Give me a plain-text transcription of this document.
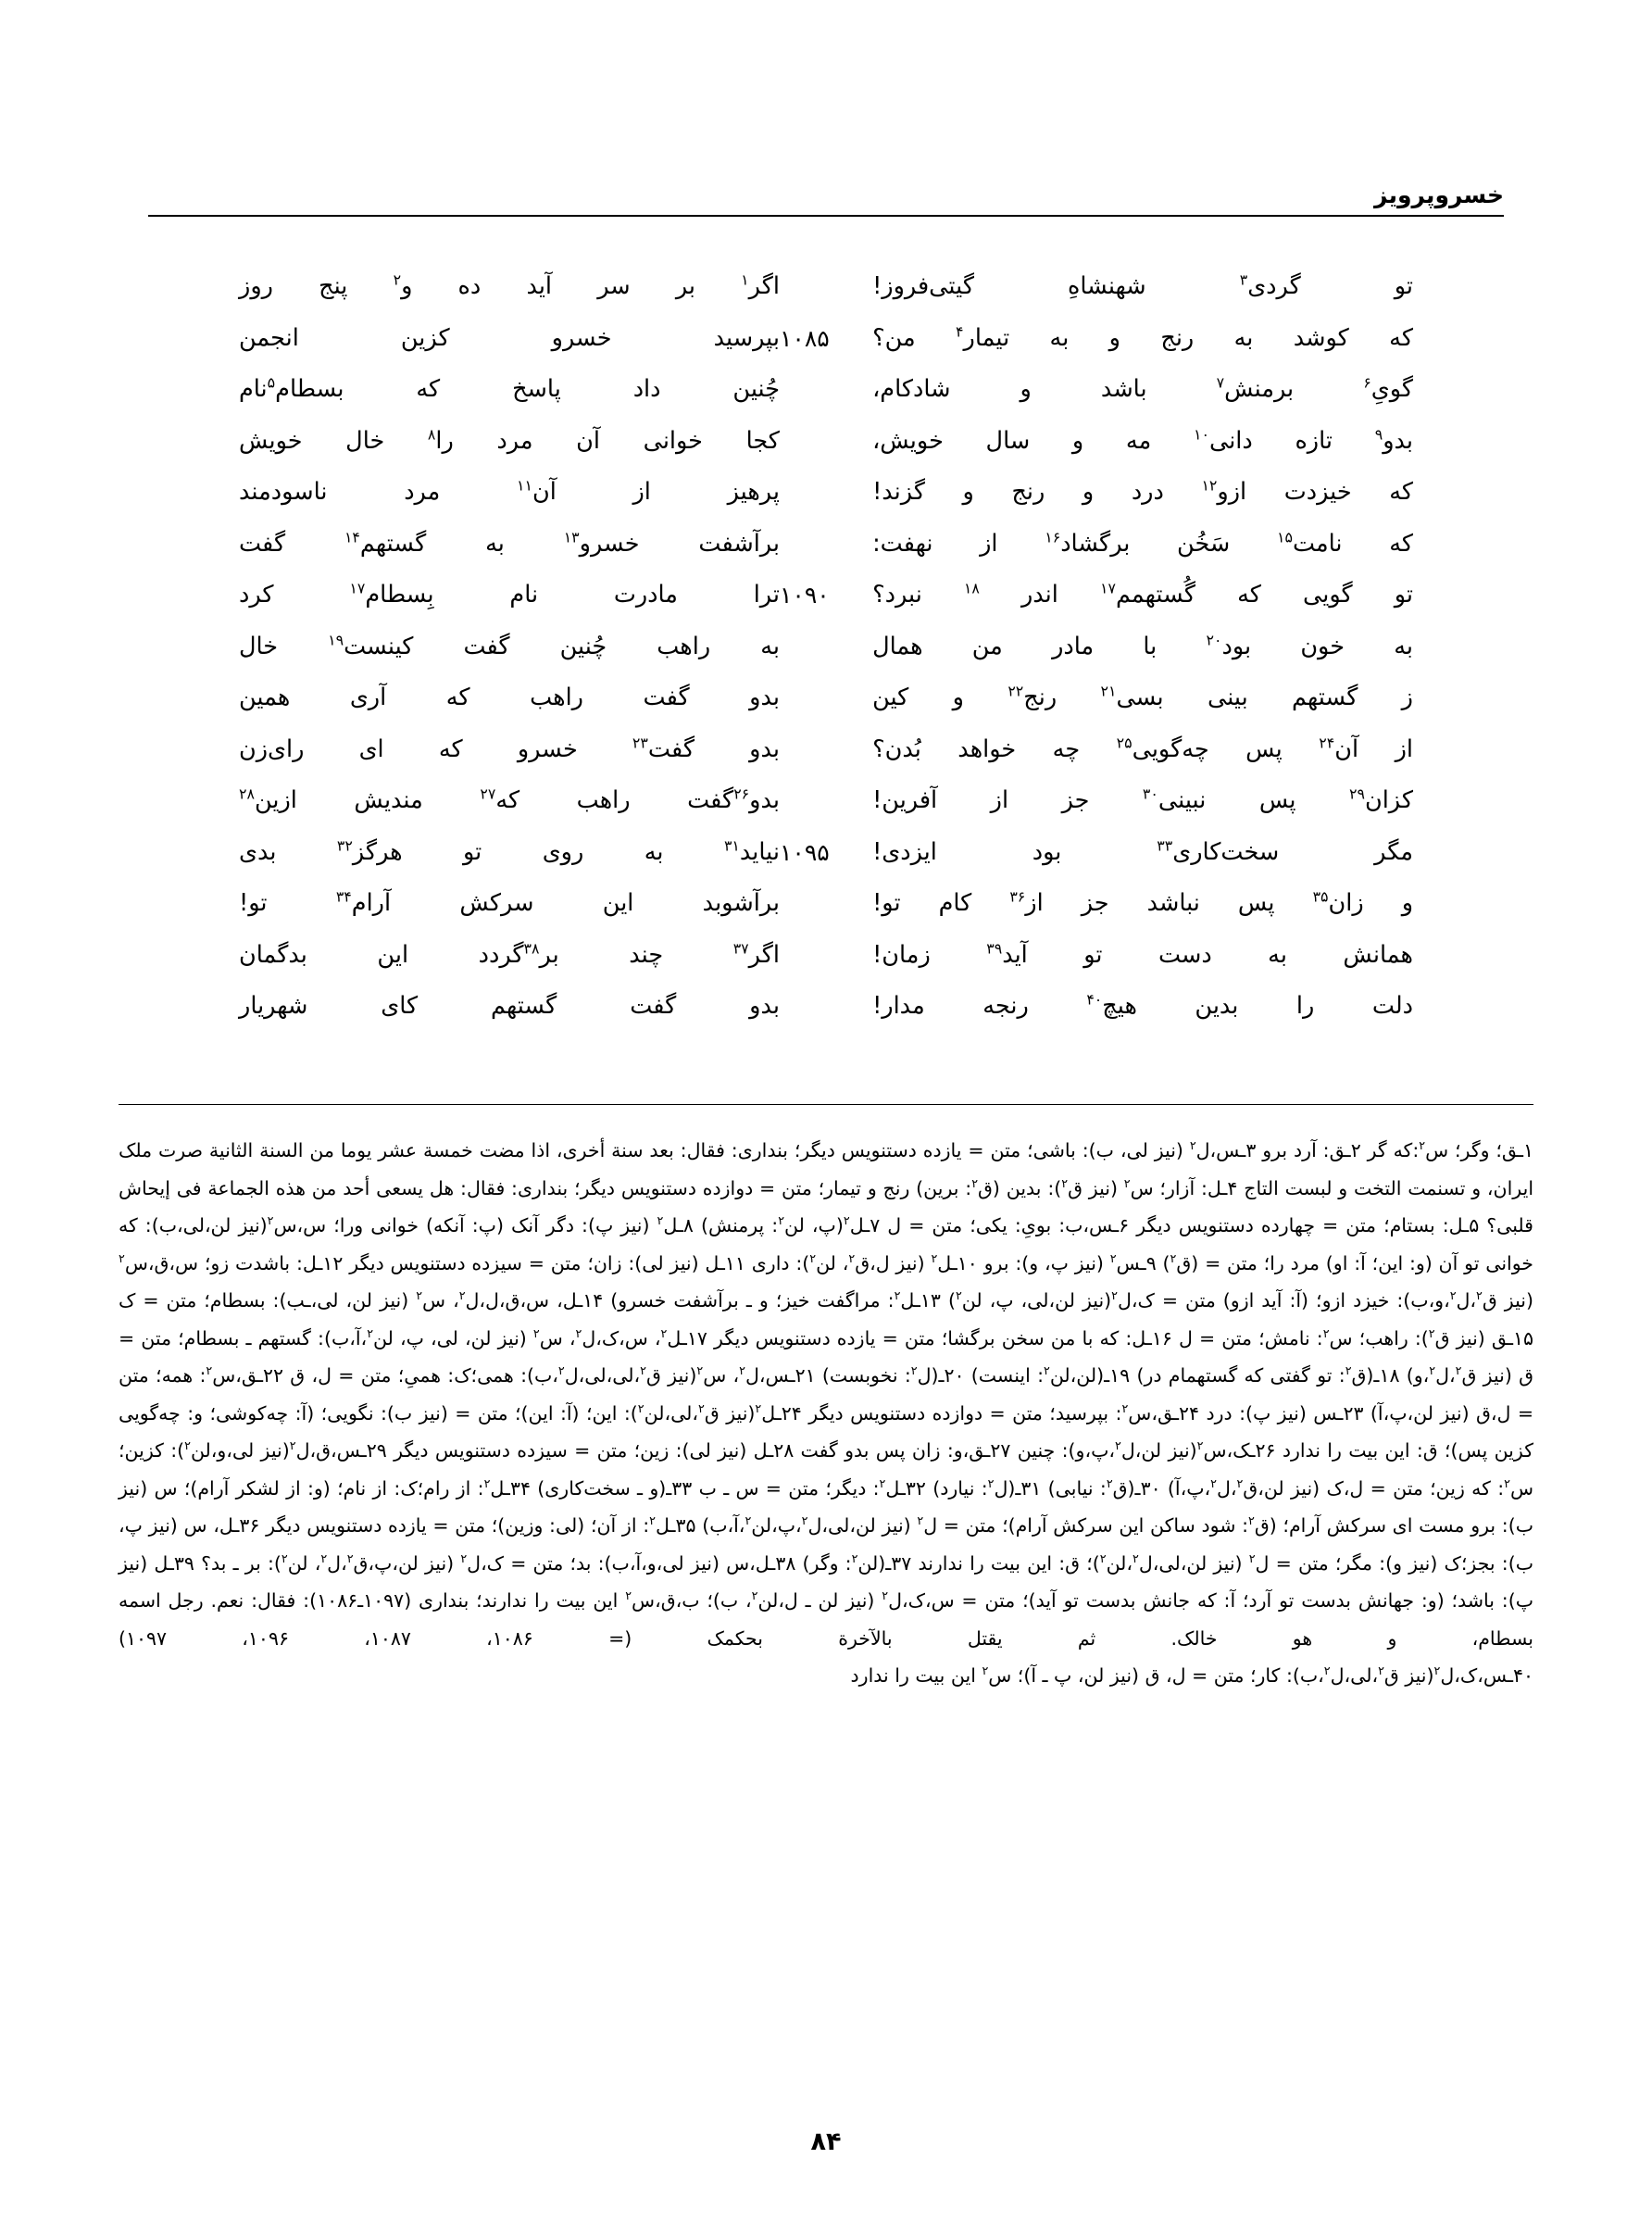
خسروپرویز
تو گردی$^۳$ شهنشاهِ گیتی‌فروز!		اگر$^۱$ بر سر آید ده و$^۲$ پنج روز
که کوشد به رنج و به تیمار$^۴$ من؟	۱۰۸۵	بپرسید خسرو کزین انجمن
گویِ$^۶$ برمنش$^۷$ باشد و شادکام،		چُنین داد پاسخ که بسطام$^۵$نام
بدو$^۹$ تازه دانی$^{۱۰}$ مه و سال خویش،		کجا خوانی آن مرد را$^۸$ خال خویش
که خیزدت ازو$^{۱۲}$ درد و رنج و گزند!		پرهیز از آن$^{۱۱}$ مرد ناسودمند
که نامت$^{۱۵}$ سَخُن برگشاد$^{۱۶}$ از نهفت:		برآشفت خسرو$^{۱۳}$ به گستهم$^{۱۴}$ گفت
تو گویی که گُستهمم$^{۱۷}$ اندر $^{۱۸}$ نبرد؟	۱۰۹۰	ترا مادرت نام بِسطام$^{۱۷}$ کرد
به خون بود$^{۲۰}$ با مادر من همال		به راهب چُنین گفت کینست$^{۱۹}$ خال
ز گستهم بینی بسی$^{۲۱}$ رنج$^{۲۲}$ و کین		بدو گفت راهب که آری همین
از آن$^{۲۴}$ پس چه‌گویی$^{۲۵}$ چه خواهد بُدن؟		بدو گفت$^{۲۳}$ خسرو که ای رای‌زن
کزان$^{۲۹}$ پس نبینی$^{۳۰}$ جز از آفرین!		بدو$^{۲۶}$گفت راهب که$^{۲۷}$ مندیش ازین$^{۲۸}$
مگر سخت‌کاری$^{۳۳}$ بود ایزدی!	۱۰۹۵	نیاید$^{۳۱}$ به روی تو هرگز$^{۳۲}$ بدی
و زان$^{۳۵}$ پس نباشد جز از$^{۳۶}$ کام تو!		برآشوبد این سرکش آرام$^{۳۴}$ تو!
همانش به دست تو آید$^{۳۹}$ زمان!		اگر$^{۳۷}$ چند بر$^{۳۸}$گردد این بدگمان
دلت را بدین هیچ$^{۴۰}$ رنجه مدار!		بدو گفت گستهم کای شهریار

۱ـق؛ وگر؛ س$^۲$:که گر ۲ـق: آرد برو ۳ـس،ل$^۲$ (نیز لی، ب): باشی؛ متن = یازده دستنویس دیگر؛ بنداری: فقال: بعد سنة أخری، اذا مضت خمسة عشر یوما من السنة الثانیة صرت ملک ایران، و تسنمت التخت و لبست التاج ۴ـل: آزار؛ س$^۲$ (نیز ق$^۲$): بدین (ق$^۲$: برین) رنج و تیمار؛ متن = دوازده دستنویس دیگر؛ بنداری: فقال: هل یسعی أحد من هذه الجماعة فی إیحاش قلبی؟ ۵ـل: بستام؛ متن = چهارده دستنویس دیگر ۶ـس،ب: بویِ: یکی؛ متن = ل ۷ـل$^۲$(پ، لن$^۲$: پرمنش) ۸ـل$^۲$ (نیز پ): دگر آنک (پ: آنکه) خوانی ورا؛ س،س$^۲$(نیز لن،لی،ب): که خوانی تو آن (و: این؛ آ: او) مرد را؛ متن = (ق$^۲$) ۹ـس$^۲$ (نیز پ، و): برو ۱۰ـل$^۲$ (نیز ل،ق$^۲$، لن$^۲$): داری ۱۱ـل (نیز لی): زان؛ متن = سیزده دستنویس دیگر ۱۲ـل: باشدت زو؛ س،ق،س$^۲$ (نیز ق$^۲$،ل$^۲$،و،ب): خیزد ازو؛ (آ: آید ازو) متن = ک،ل$^۲$(نیز لن،لی، پ، لن$^۲$) ۱۳ـل$^۲$: مراگفت خیز؛ و ـ برآشفت خسرو) ۱۴ـل، س،ق،ل،ل$^۲$، س$^۲$ (نیز لن، لی،ـب): بسطام؛ متن = ک ۱۵ـق (نیز ق$^۲$): راهب؛ س$^۲$: نامش؛ متن = ل ۱۶ـل: که با من سخن برگشا؛ متن = یازده دستنویس دیگر ۱۷ـل$^۲$، س،ک،ل$^۲$، س$^۲$ (نیز لن، لی، پ، لن$^۲$،آ،ب): گستهم ـ بسطام؛ متن = ق (نیز ق$^۲$،ل$^۲$،و) ۱۸ـ(ق$^۲$: تو گفتی که گستهمام در) ۱۹ـ(لن،لن$^۲$: اینست) ۲۰ـ(ل$^۲$: نخوبست) ۲۱ـس،ل$^۲$، س$^۲$(نیز ق$^۲$،لی،لی،ل$^۲$،ب): همی؛ک: همیِ؛ متن = ل، ق ۲۲ـق،س$^۲$: همه؛ متن = ل،ق (نیز لن،پ،آ) ۲۳ـس (نیز پ): درد ۲۴ـق،س$^۲$: بپرسید؛ متن = دوازده دستنویس دیگر ۲۴ـل$^۲$(نیز ق$^۲$،لی،لن$^۲$): این؛ (آ: این)؛ متن = (نیز ب): نگویی؛ (آ: چه‌کوشی؛ و: چه‌گویی کزین پس)؛ ق: این بیت را ندارد ۲۶ـک،س$^۲$(نیز لن،ل$^۲$،پ،و): چنین ۲۷ـق،و: زان پس بدو گفت ۲۸ـل (نیز لی): زین؛ متن = سیزده دستنویس دیگر ۲۹ـس،ق،ل$^۲$(نیز لی،و،لن$^۲$): کزین؛ س$^۲$: که زین؛ متن = ل،ک (نیز لن،ق$^۲$،ل$^۲$،پ،آ) ۳۰ـ(ق$^۲$: نیابی) ۳۱ـ(ل$^۲$: نیارد) ۳۲ـل$^۲$: دیگر؛ متن = س ـ ب ۳۳ـ(و ـ سخت‌کاری) ۳۴ـل$^۲$: از رام؛ک: از نام؛ (و: از لشکر آرام)؛ س (نیز ب): برو مست ای سرکش آرام؛ (ق$^۲$: شود ساکن این سرکش آرام)؛ متن = ل$^۲$ (نیز لن،لی،ل$^۲$،پ،لن$^۲$،آ،ب) ۳۵ـل$^۲$: از آن؛ (لی: وزین)؛ متن = یازده دستنویس دیگر ۳۶ـل، س (نیز پ، ب): بجز؛ک (نیز و): مگر؛ متن = ل$^۲$ (نیز لن،لی،ل$^۲$،لن$^۲$)؛ ق: این بیت را ندارند ۳۷ـ(لن$^۲$: وگر) ۳۸ـل،س (نیز لی،و،آ،ب): بد؛ متن = ک،ل$^۲$ (نیز لن،پ،ق$^۲$،ل$^۲$، لن$^۲$): بر ـ بد؟ ۳۹ـل (نیز پ): باشد؛ (و: جهانش بدست تو آرد؛ آ: که جانش بدست تو آید)؛ متن = س،ک،ل$^۲$ (نیز لن ـ ل،لن$^۲$، ب)؛ ب،ق،س$^۲$ این بیت را ندارند؛ بنداری (۱۰۹۷ـ۱۰۸۶): فقال: نعم. رجل اسمه بسطام، و هو خالک. ثم یقتل بالآخرة بحکمک (= ۱۰۸۶، ۱۰۸۷، ۱۰۹۶، ۱۰۹۷)

۴۰ـس،ک،ل$^۲$(نیز ق$^۲$،لی،ل$^۲$،ب): کار؛ متن = ل، ق (نیز لن، پ ـ آ)؛ س$^۲$ این بیت را ندارد

۸۴
